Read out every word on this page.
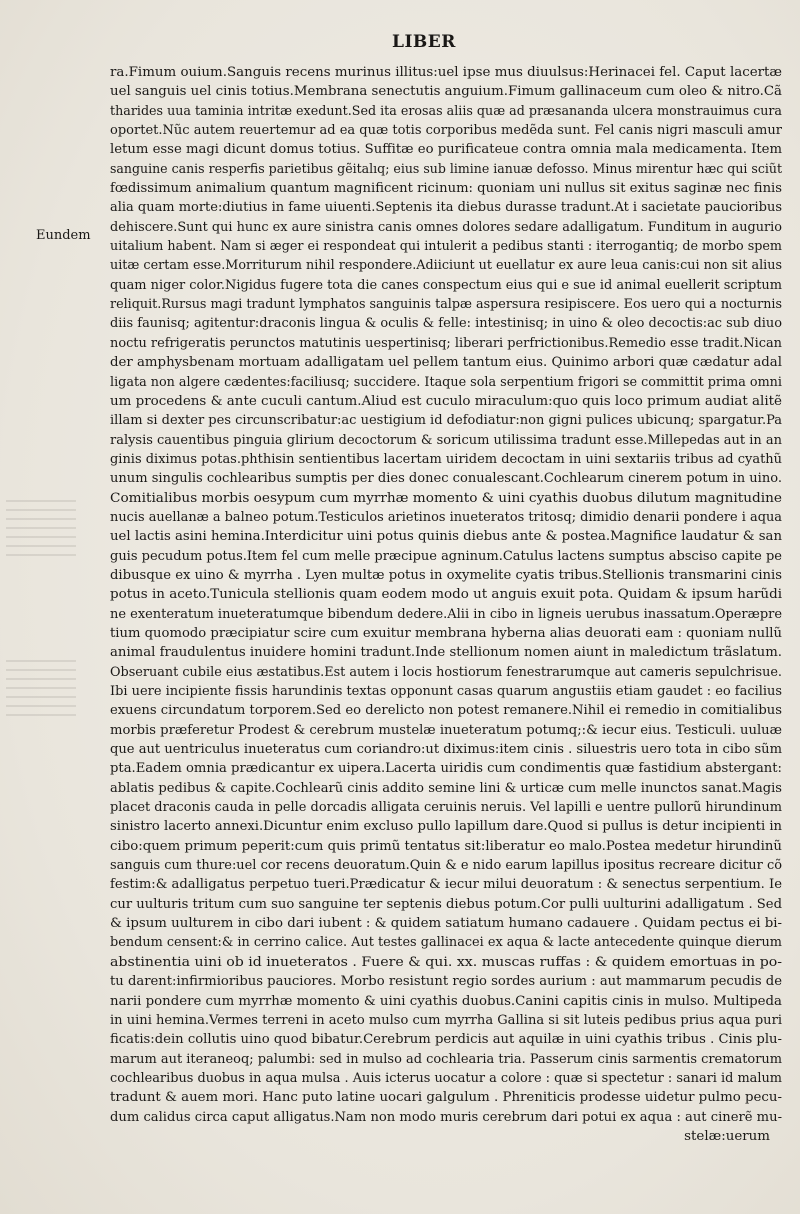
LIBER
Eundem
ra.Fimum ouium.Sanguis recens murinus illitus:uel ipse mus diuulsus:Herinacei fel. Caput lacertæ
uel sanguis uel cinis totius.Membrana senectutis anguium.Fimum gallinaceum cum oleo & nitro.Cã
tharides uua taminia intritæ exedunt.Sed ita erosas aliis quæ ad præsananda ulcera monstrauimus cura
oportet.Nũc autem reuertemur ad ea quæ totis corporibus medẽda sunt. Fel canis nigri masculi amur
letum esse magi dicunt domus totius. Suffitæ eo purificateue contra omnia mala medicamenta. Item
sanguine canis resperfis parietibus gẽitalıq; eius sub limine ianuæ defosso. Minus mirentur hæc qui sciũt
fœdissimum animalium quantum magnificent ricinum: quoniam uni nullus sit exitus saginæ nec finis
alia quam morte:diutius in fame uiuenti.Septenis ita diebus durasse tradunt.At i sacietate paucioribus
dehiscere.Sunt qui hunc ex aure sinistra canis omnes dolores sedare adalligatum. Funditum in augurio
uitalium habent. Nam si æger ei respondeat qui intulerit a pedibus stanti : iterrogantiq; de morbo spem
uitæ certam esse.Morriturum nihil respondere.Adiiciunt ut euellatur ex aure leua canis:cui non sit alius
quam niger color.Nigidus fugere tota die canes conspectum eius qui e sue id animal euellerit scriptum
reliquit.Rursus magi tradunt lymphatos sanguinis talpæ aspersura resipiscere. Eos uero qui a nocturnis
diis faunisq; agitentur:draconis lingua & oculis & felle: intestinisq; in uino & oleo decoctis:ac sub diuo
noctu refrigeratis perunctos matutinis uespertinisq; liberari perfrictionibus.Remedio esse tradit.Nican
der amphysbenam mortuam adalligatam uel pellem tantum eius. Quinimo arbori quæ cædatur adal
ligata non algere cædentes:faciliusq; succidere. Itaque sola serpentium frigori se committit prima omni
um procedens & ante cuculi cantum.Aliud est cuculo miraculum:quo quis loco primum audiat alitẽ
illam si dexter pes circunscribatur:ac uestigium id defodiatur:non gigni pulices ubicunq; spargatur.Pa
ralysis cauentibus pinguia glirium decoctorum & soricum utilissima tradunt esse.Millepedas aut in an
ginis diximus potas.phthisin sentientibus lacertam uiridem decoctam in uini sextariis tribus ad cyathũ
unum singulis cochlearibus sumptis per dies donec conualescant.Cochlearum cinerem potum in uino.
Comitialibus morbis oesypum cum myrrhæ momento & uini cyathis duobus dilutum magnitudine
nucis auellanæ a balneo potum.Testiculos arietinos inueteratos tritosq; dimidio denarii pondere i aqua
uel lactis asini hemina.Interdicitur uini potus quinis diebus ante & postea.Magnifice laudatur & san
guis pecudum potus.Item fel cum melle præcipue agninum.Catulus lactens sumptus absciso capite pe
dibusque ex uino & myrrha . Lyen multæ potus in oxymelite cyatis tribus.Stellionis transmarini cinis
potus in aceto.Tunicula stellionis quam eodem modo ut anguis exuit pota. Quidam & ipsum harũdi
ne exenteratum inueteratumque bibendum dedere.Alii in cibo in ligneis uerubus inassatum.Operæpre
tium quomodo præcipiatur scire cum exuitur membrana hyberna alias deuorati eam : quoniam nullũ
animal fraudulentus inuidere homini tradunt.Inde stellionum nomen aiunt in maledictum trãslatum.
Obseruant cubile eius æstatibus.Est autem i locis hostiorum fenestrarumque aut cameris sepulchrisue.
Ibi uere incipiente fissis harundinis textas opponunt casas quarum angustiis etiam gaudet : eo facilius
exuens circundatum torporem.Sed eo derelicto non potest remanere.Nihil ei remedio in comitialibus
morbis præferetur Prodest & cerebrum mustelæ inueteratum potumq;:& iecur eius. Testiculi. uuluæ
que aut uentriculus inueteratus cum coriandro:ut diximus:item cinis . siluestris uero tota in cibo sũm
pta.Eadem omnia prædicantur ex uipera.Lacerta uiridis cum condimentis quæ fastidium abstergant:
ablatis pedibus & capite.Cochlearũ cinis addito semine lini & urticæ cum melle inunctos sanat.Magis
placet draconis cauda in pelle dorcadis alligata ceruinis neruis. Vel lapilli e uentre pullorũ hirundinum
sinistro lacerto annexi.Dicuntur enim excluso pullo lapillum dare.Quod si pullus is detur incipienti in
cibo:quem primum peperit:cum quis primũ tentatus sit:liberatur eo malo.Postea medetur hirundinũ
sanguis cum thure:uel cor recens deuoratum.Quin & e nido earum lapillus ipositus recreare dicitur cõ
festim:& adalligatus perpetuo tueri.Prædicatur & iecur milui deuoratum : & senectus serpentium. Ie
cur uulturis tritum cum suo sanguine ter septenis diebus potum.Cor pulli uulturini adalligatum . Sed
& ipsum uulturem in cibo dari iubent : & quidem satiatum humano cadauere . Quidam pectus ei bi-
bendum censent:& in cerrino calice. Aut testes gallinacei ex aqua & lacte antecedente quinque dierum
abstinentia uini ob id inueteratos . Fuere & qui. xx. muscas ruffas : & quidem emortuas in po-
tu darent:infirmioribus pauciores. Morbo resistunt regio sordes aurium : aut mammarum pecudis de
narii pondere cum myrrhæ momento & uini cyathis duobus.Canini capitis cinis in mulso. Multipeda
in uini hemina.Vermes terreni in aceto mulso cum myrrha Gallina si sit luteis pedibus prius aqua puri
ficatis:dein collutis uino quod bibatur.Cerebrum perdicis aut aquilæ in uini cyathis tribus . Cinis plu-
marum aut iteraneoq; palumbi: sed in mulso ad cochlearia tria. Passerum cinis sarmentis crematorum
cochlearibus duobus in aqua mulsa . Auis icterus uocatur a colore : quæ si spectetur : sanari id malum
tradunt & auem mori. Hanc puto latine uocari galgulum . Phreniticis prodesse uidetur pulmo pecu-
dum calidus circa caput alligatus.Nam non modo muris cerebrum dari potui ex aqua : aut cinerẽ mu-
stelæ:uerum
